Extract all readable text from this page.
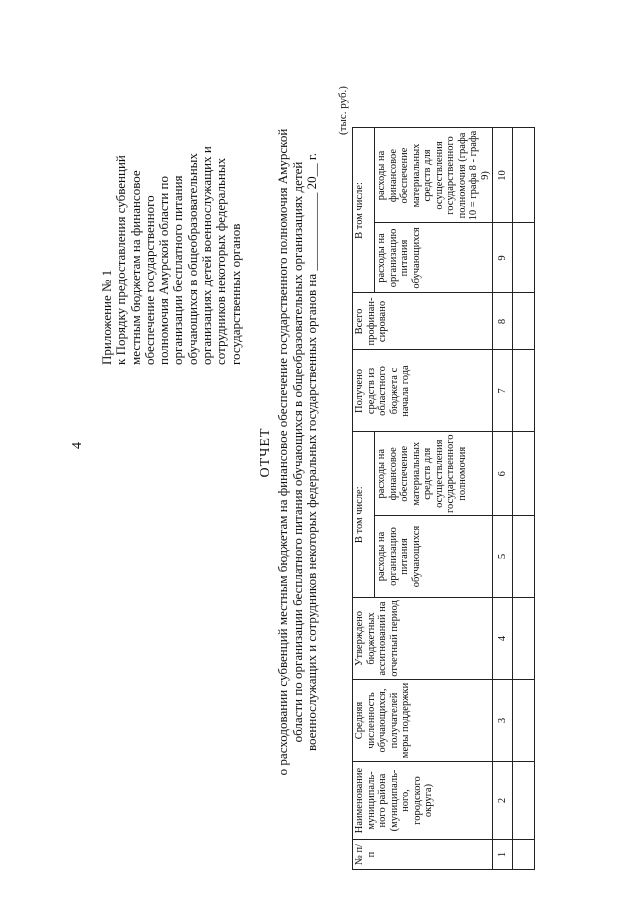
4
Приложение № 1 к Порядку предоставления субвенций местным бюджетам на финансовое обеспечение государственного полномочия Амурской области по организации бесплатного питания обучающихся в общеобразовательных организациях детей военнослужащих и сотрудников некоторых федеральных государственных органов
ОТЧЕТ о расходовании субвенций местным бюджетам на финансовое обеспечение государственного полномочия Амурской области по организации бесплатного питания обучающихся в общеобразовательных организациях детей военнослужащих и сотрудников некоторых федеральных государственных органов на ____________ 20__ г.
(тыс. руб.)
№ п/п	Наименование муниципаль-ного района (муниципаль-ного, городского округа)	Средняя численность обучающихся, получателей меры поддержки	Утверждено бюджетных ассигнований на отчетный период	В том числе:		Получено средств из областного бюджета с начала года	Всего профинан-сировано	В том числе:	
				расходы на организацию питания обучающихся	расходы на финансовое обеспечение материальных средств для осуществления государственного полномочия			расходы на организацию питания обучающихся	расходы на финансовое обеспечение материальных средств для осуществления государственного полномочия (графа 10 = графа 8 - графа 9)
1	2	3	4	5	6	7	8	9	10
